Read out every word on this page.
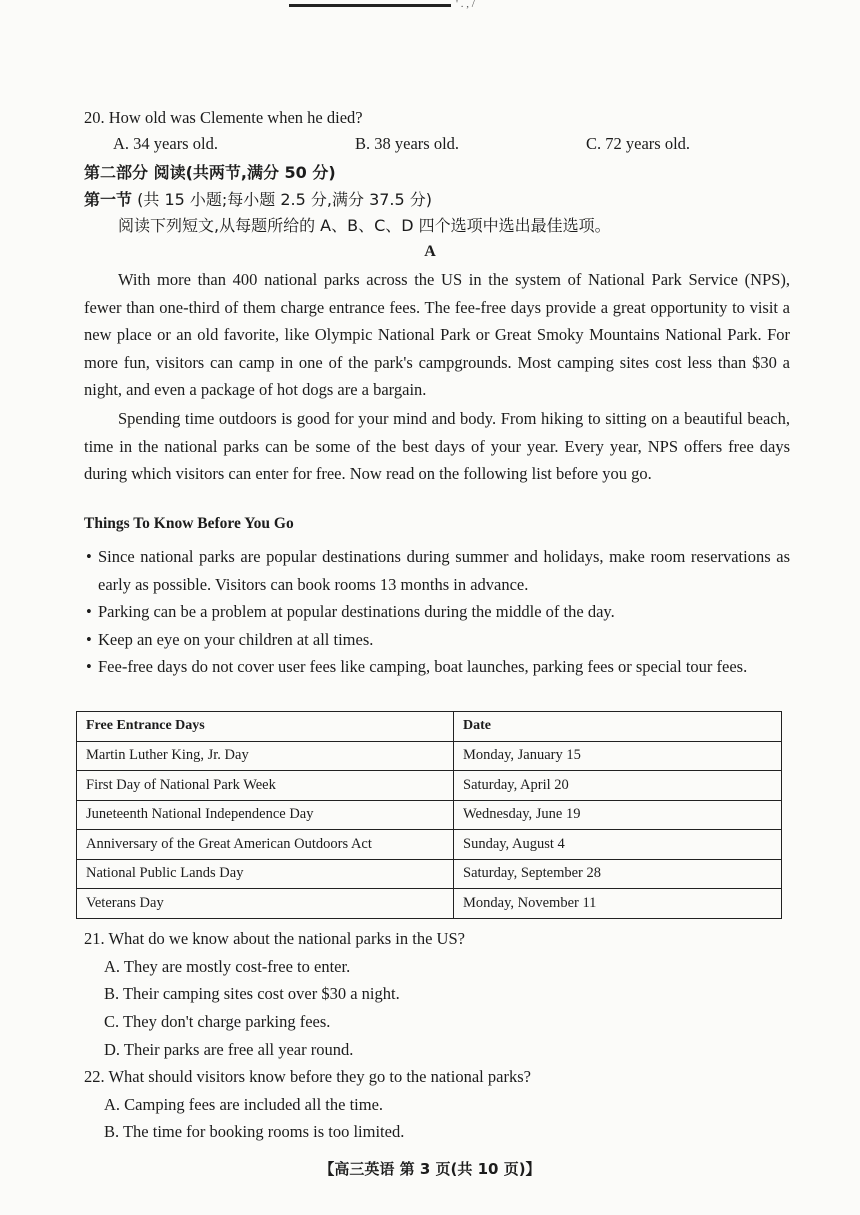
' . , /
20. How old was Clemente when he died?
A. 34 years old.	B. 38 years old.	C. 72 years old.
第二部分 阅读(共两节,满分 50 分)
第一节 (共 15 小题;每小题 2.5 分,满分 37.5 分)
阅读下列短文,从每题所给的 A、B、C、D 四个选项中选出最佳选项。
A
With more than 400 national parks across the US in the system of National Park Service (NPS), fewer than one-third of them charge entrance fees. The fee-free days provide a great opportunity to visit a new place or an old favorite, like Olympic National Park or Great Smoky Mountains National Park. For more fun, visitors can camp in one of the park's campgrounds. Most camping sites cost less than $30 a night, and even a package of hot dogs are a bargain.
Spending time outdoors is good for your mind and body. From hiking to sitting on a beautiful beach, time in the national parks can be some of the best days of your year. Every year, NPS offers free days during which visitors can enter for free. Now read on the following list before you go.
Things To Know Before You Go
• Since national parks are popular destinations during summer and holidays, make room reservations as early as possible. Visitors can book rooms 13 months in advance.
• Parking can be a problem at popular destinations during the middle of the day.
• Keep an eye on your children at all times.
• Fee-free days do not cover user fees like camping, boat launches, parking fees or special tour fees.
Free Entrance Days	Date
Martin Luther King, Jr. Day	Monday, January 15
First Day of National Park Week	Saturday, April 20
Juneteenth National Independence Day	Wednesday, June 19
Anniversary of the Great American Outdoors Act	Sunday, August 4
National Public Lands Day	Saturday, September 28
Veterans Day	Monday, November 11
21. What do we know about the national parks in the US?
A. They are mostly cost-free to enter.
B. Their camping sites cost over $30 a night.
C. They don't charge parking fees.
D. Their parks are free all year round.
22. What should visitors know before they go to the national parks?
A. Camping fees are included all the time.
B. The time for booking rooms is too limited.
【高三英语 第 3 页(共 10 页)】
